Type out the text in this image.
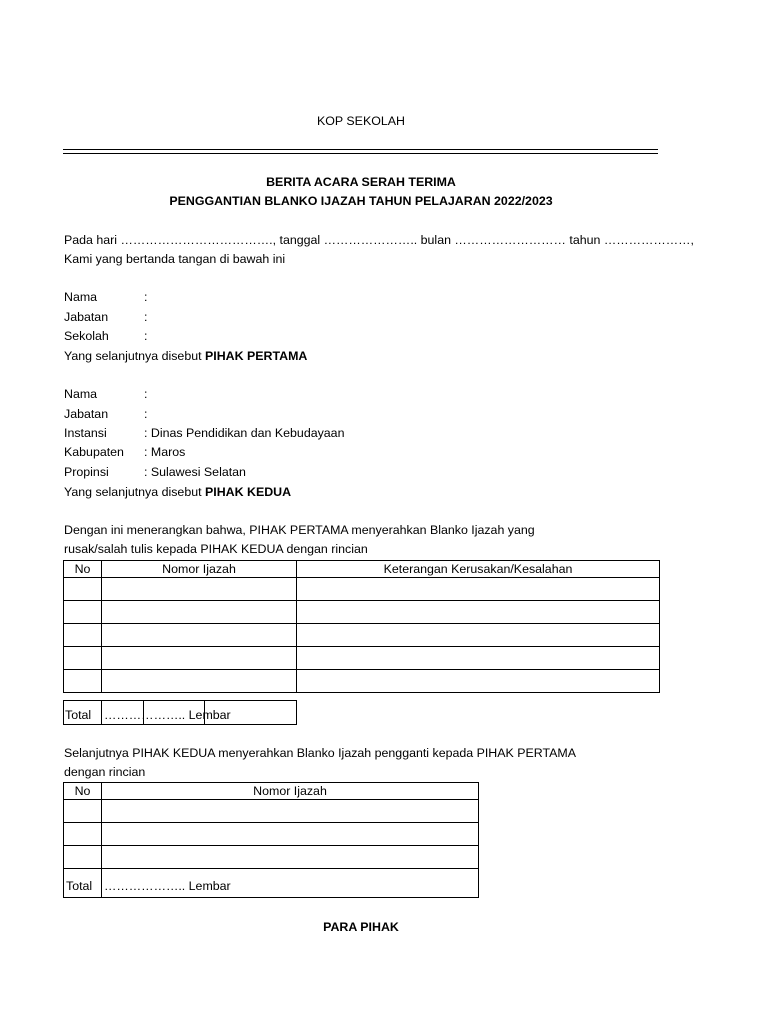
KOP SEKOLAH
BERITA ACARA SERAH TERIMA
PENGGANTIAN BLANKO IJAZAH TAHUN PELAJARAN 2022/2023
Pada hari ………………………………., tanggal ………………….. bulan ……………………… tahun …………………,
Kami yang bertanda tangan di bawah ini
Nama	:
Jabatan	:
Sekolah	:
Yang selanjutnya disebut PIHAK PERTAMA
Nama	:
Jabatan	:
Instansi	: Dinas Pendidikan dan Kebudayaan
Kabupaten : Maros
Propinsi	: Sulawesi Selatan
Yang selanjutnya disebut PIHAK KEDUA
Dengan ini menerangkan bahwa, PIHAK PERTAMA menyerahkan Blanko Ijazah yang
rusak/salah tulis kepada PIHAK KEDUA dengan rincian
No	Nomor Ijazah	Keterangan Kerusakan/Kesalahan

Total ……………….. Lembar
Selanjutnya PIHAK KEDUA menyerahkan Blanko Ijazah pengganti kepada PIHAK PERTAMA
dengan rincian
No	Nomor Ijazah

Total	……………….. Lembar
PARA PIHAK
